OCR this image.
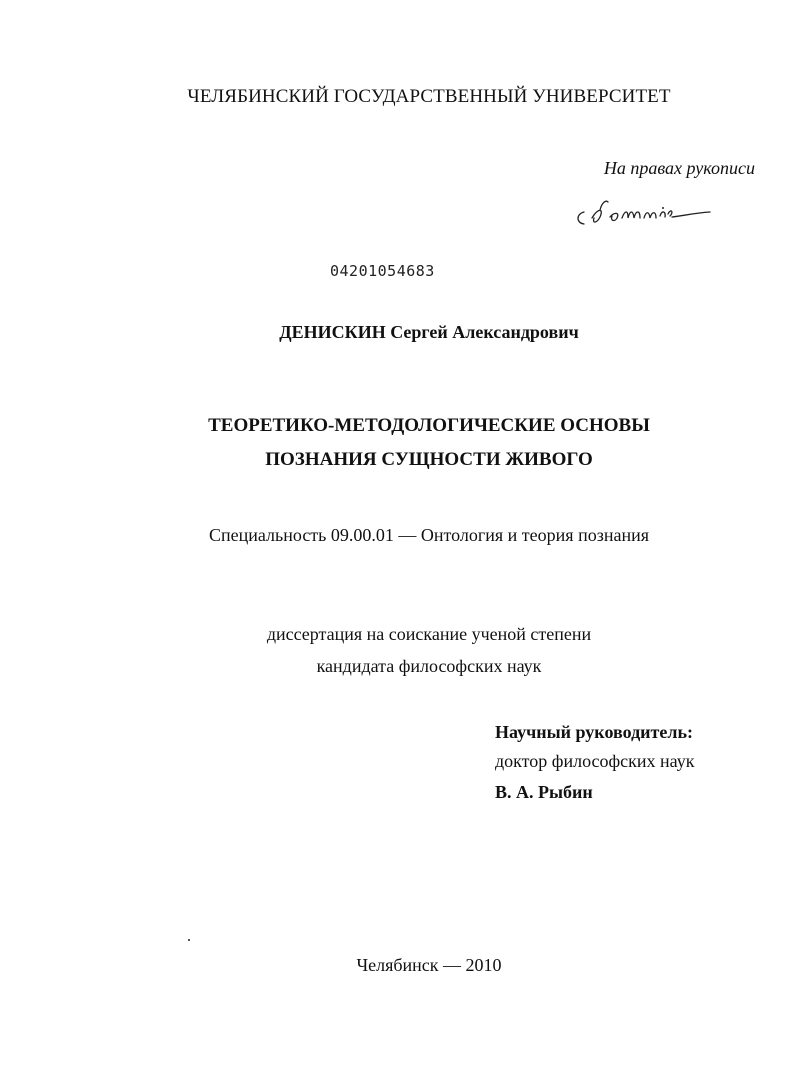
ЧЕЛЯБИНСКИЙ ГОСУДАРСТВЕННЫЙ УНИВЕРСИТЕТ
На правах рукописи
04201054683
ДЕНИСКИН Сергей Александрович
ТЕОРЕТИКО-МЕТОДОЛОГИЧЕСКИЕ ОСНОВЫ
ПОЗНАНИЯ СУЩНОСТИ ЖИВОГО
Специальность 09.00.01 — Онтология и теория познания
диссертация на соискание ученой степени
кандидата философских наук
Научный руководитель:
доктор философских наук
В. А. Рыбин
Челябинск — 2010
